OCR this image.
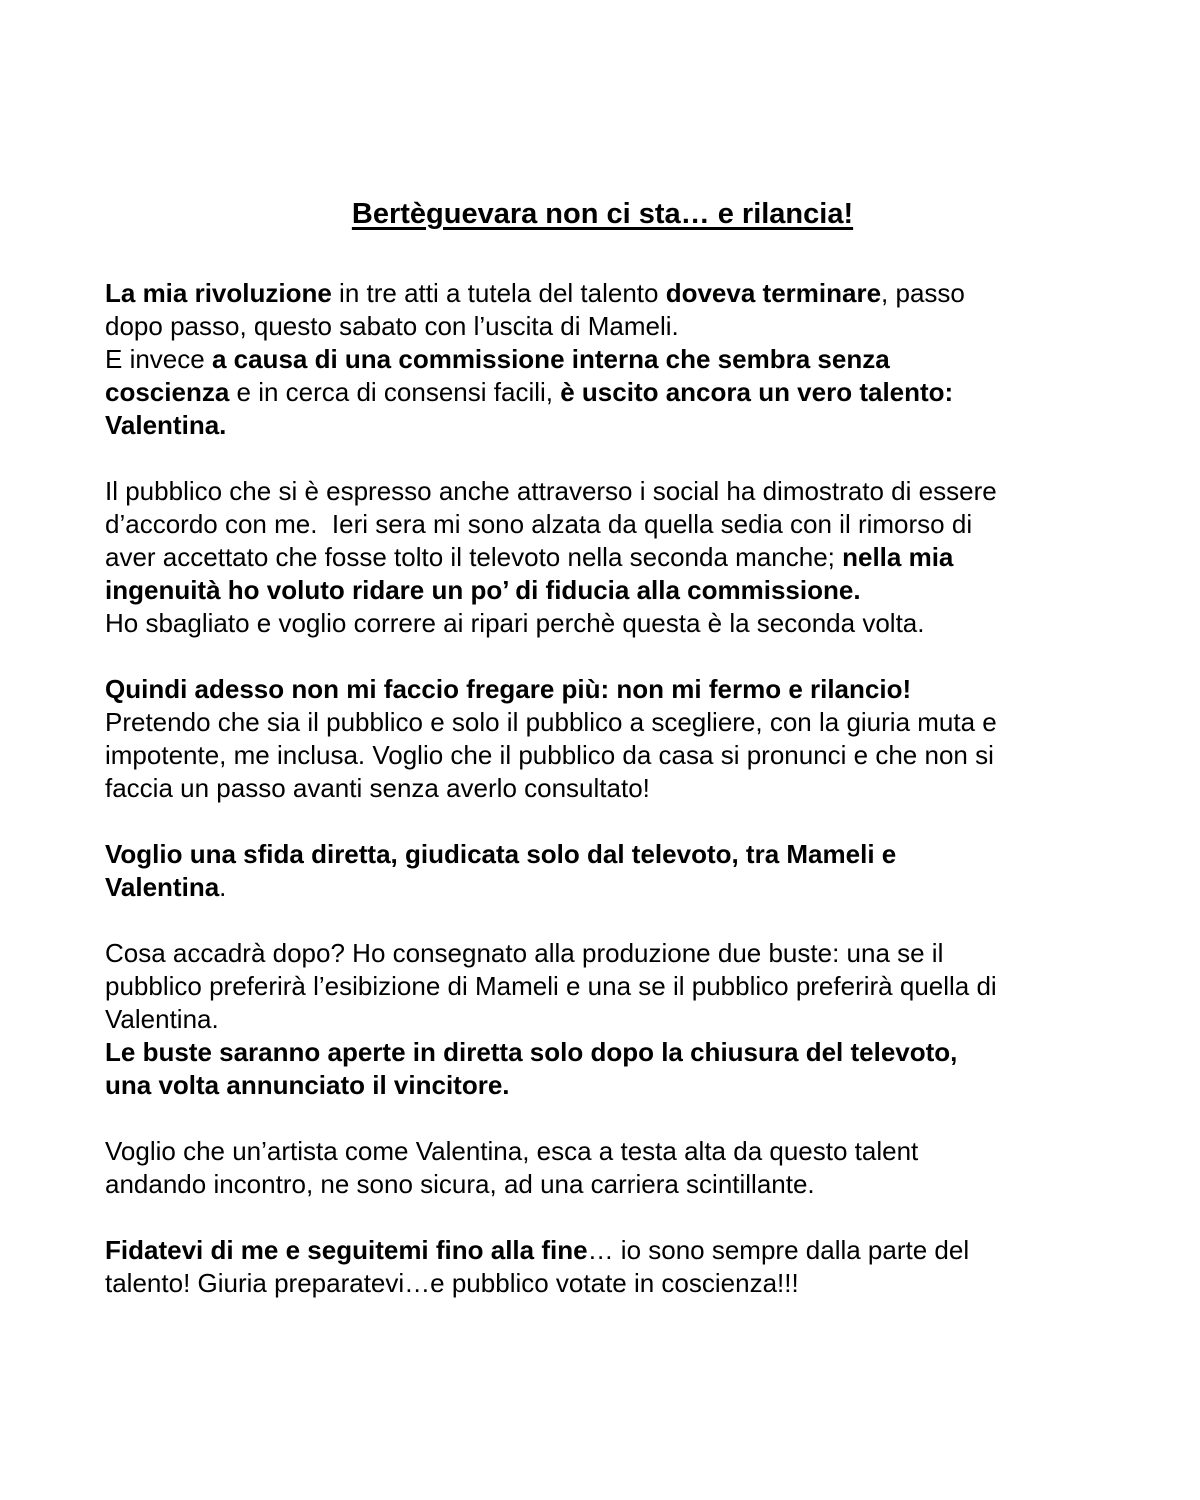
Bertèguevara non ci sta… e rilancia!

La mia rivoluzione in tre atti a tutela del talento doveva terminare, passo
dopo passo, questo sabato con l’uscita di Mameli.
E invece a causa di una commissione interna che sembra senza
coscienza e in cerca di consensi facili, è uscito ancora un vero talento:
Valentina.

Il pubblico che si è espresso anche attraverso i social ha dimostrato di essere
d’accordo con me.  Ieri sera mi sono alzata da quella sedia con il rimorso di
aver accettato che fosse tolto il televoto nella seconda manche; nella mia
ingenuità ho voluto ridare un po’ di fiducia alla commissione.
Ho sbagliato e voglio correre ai ripari perchè questa è la seconda volta.

Quindi adesso non mi faccio fregare più: non mi fermo e rilancio!
Pretendo che sia il pubblico e solo il pubblico a scegliere, con la giuria muta e
impotente, me inclusa. Voglio che il pubblico da casa si pronunci e che non si
faccia un passo avanti senza averlo consultato!

Voglio una sfida diretta, giudicata solo dal televoto, tra Mameli e
Valentina.

Cosa accadrà dopo? Ho consegnato alla produzione due buste: una se il
pubblico preferirà l’esibizione di Mameli e una se il pubblico preferirà quella di
Valentina.
Le buste saranno aperte in diretta solo dopo la chiusura del televoto,
una volta annunciato il vincitore.

Voglio che un’artista come Valentina, esca a testa alta da questo talent
andando incontro, ne sono sicura, ad una carriera scintillante.

Fidatevi di me e seguitemi fino alla fine… io sono sempre dalla parte del
talento! Giuria preparatevi…e pubblico votate in coscienza!!!
